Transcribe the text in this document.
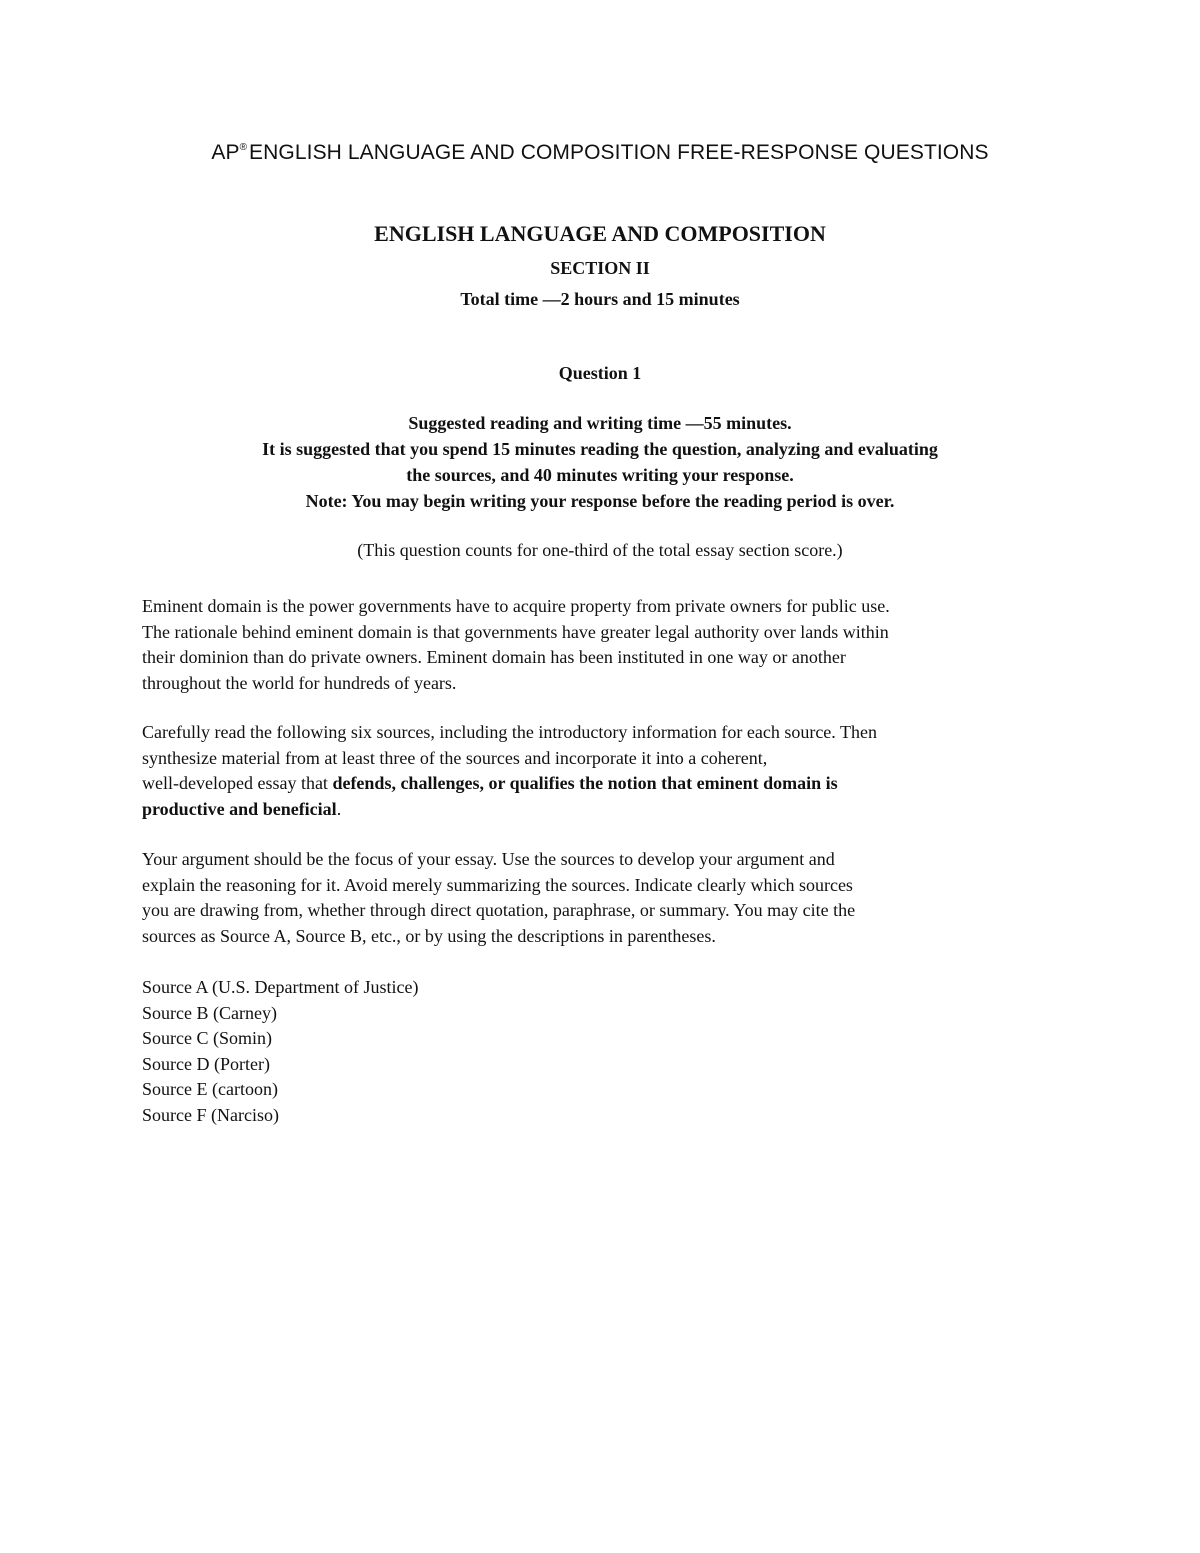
AP®ENGLISH LANGUAGE AND COMPOSITION FREE-RESPONSE QUESTIONS
ENGLISH LANGUAGE AND COMPOSITION
SECTION II
Total time —2 hours and 15 minutes
Question 1
Suggested reading and writing time —55 minutes.
It is suggested that you spend 15 minutes reading the question, analyzing and evaluating
the sources, and 40 minutes writing your response.
Note: You may begin writing your response before the reading period is over.
(This question counts for one-third of the total essay section score.)
Eminent domain is the power governments have to acquire property from private owners for public use.
The rationale behind eminent domain is that governments have greater legal authority over lands within
their dominion than do private owners. Eminent domain has been instituted in one way or another
throughout the world for hundreds of years.
Carefully read the following six sources, including the introductory information for each source. Then
synthesize material from at least three of the sources and incorporate it into a coherent,
well-developed essay that defends, challenges, or qualifies the notion that eminent domain is
productive and beneficial.
Your argument should be the focus of your essay. Use the sources to develop your argument and
explain the reasoning for it. Avoid merely summarizing the sources. Indicate clearly which sources
you are drawing from, whether through direct quotation, paraphrase, or summary. You may cite the
sources as Source A, Source B, etc., or by using the descriptions in parentheses.
Source A (U.S. Department of Justice)
Source B (Carney)
Source C (Somin)
Source D (Porter)
Source E (cartoon)
Source F (Narciso)
